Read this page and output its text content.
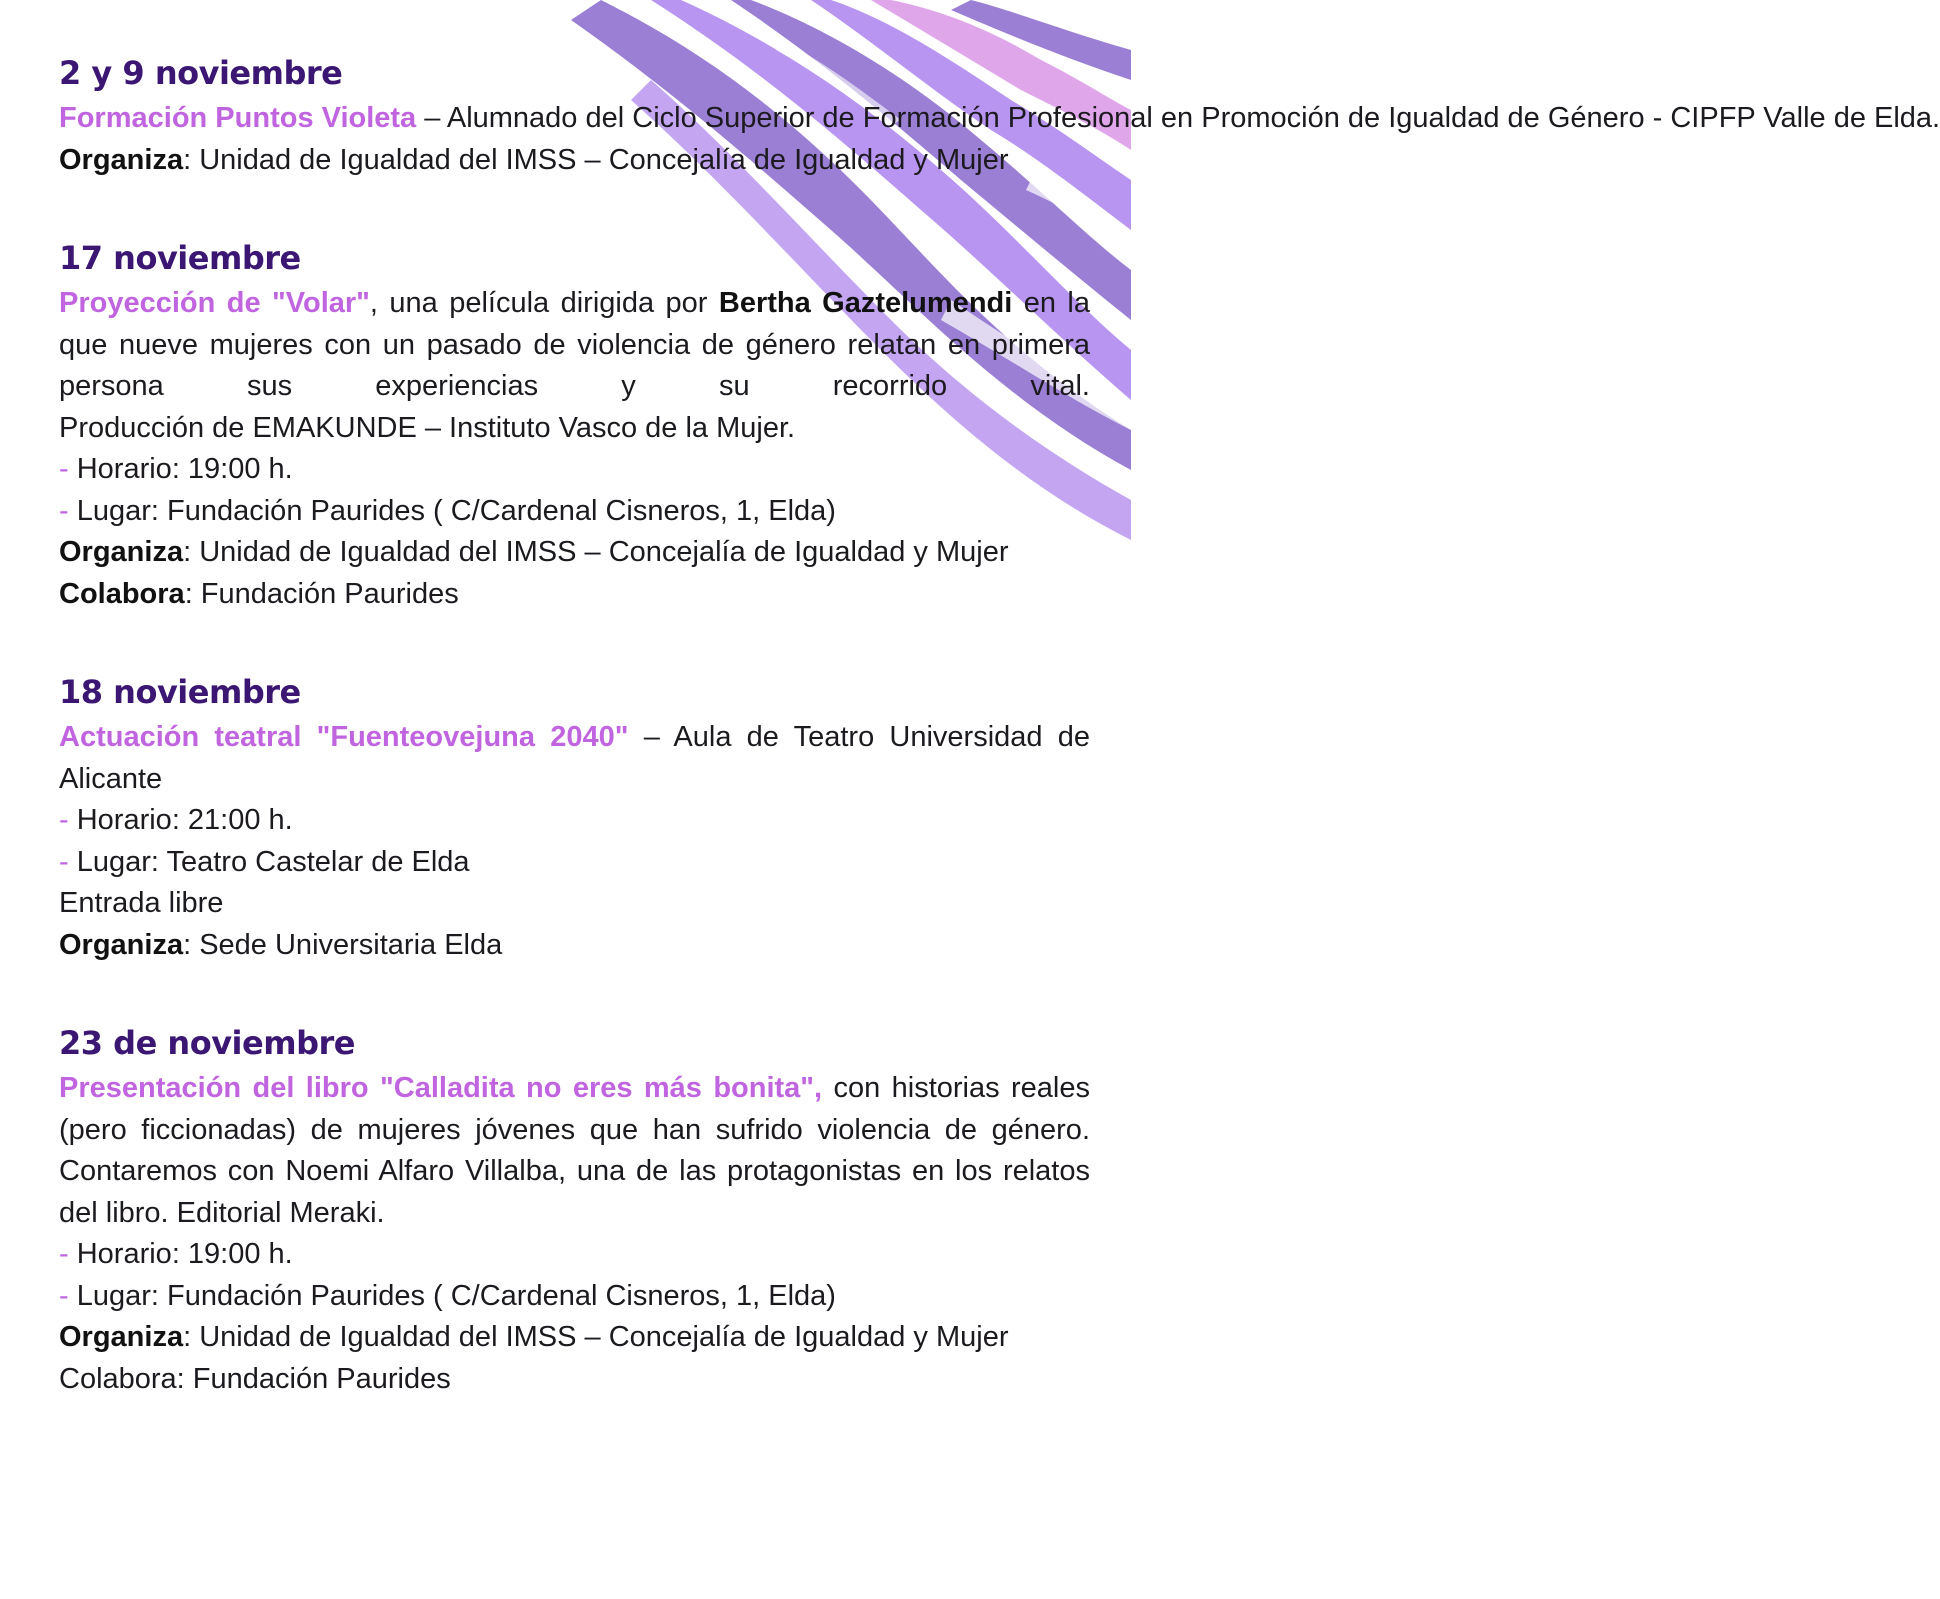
2 y 9 noviembre
Formación Puntos Violeta – Alumnado del Ciclo Superior de Formación Profesional en Promoción de Igualdad de Género - CIPFP Valle de Elda.
Organiza: Unidad de Igualdad del IMSS – Concejalía de Igualdad y Mujer
17 noviembre
Proyección de "Volar", una película dirigida por Bertha Gaztelumendi en la que nueve mujeres con un pasado de violencia de género relatan en primera persona sus experiencias y su recorrido vital.
Producción de EMAKUNDE – Instituto Vasco de la Mujer.
- Horario: 19:00 h.
- Lugar: Fundación Paurides ( C/Cardenal Cisneros, 1, Elda)
Organiza: Unidad de Igualdad del IMSS – Concejalía de Igualdad y Mujer
Colabora: Fundación Paurides
18 noviembre
Actuación teatral "Fuenteovejuna 2040" – Aula de Teatro Universidad de Alicante
- Horario: 21:00 h.
- Lugar: Teatro Castelar de Elda
Entrada libre
Organiza: Sede Universitaria Elda
23 de noviembre
Presentación del libro "Calladita no eres más bonita", con historias reales (pero ficcionadas) de mujeres jóvenes que han sufrido violencia de género. Contaremos con Noemi Alfaro Villalba, una de las protagonistas en los relatos del libro. Editorial Meraki.
- Horario: 19:00 h.
- Lugar: Fundación Paurides ( C/Cardenal Cisneros, 1, Elda)
Organiza: Unidad de Igualdad del IMSS – Concejalía de Igualdad y Mujer
Colabora: Fundación Paurides
